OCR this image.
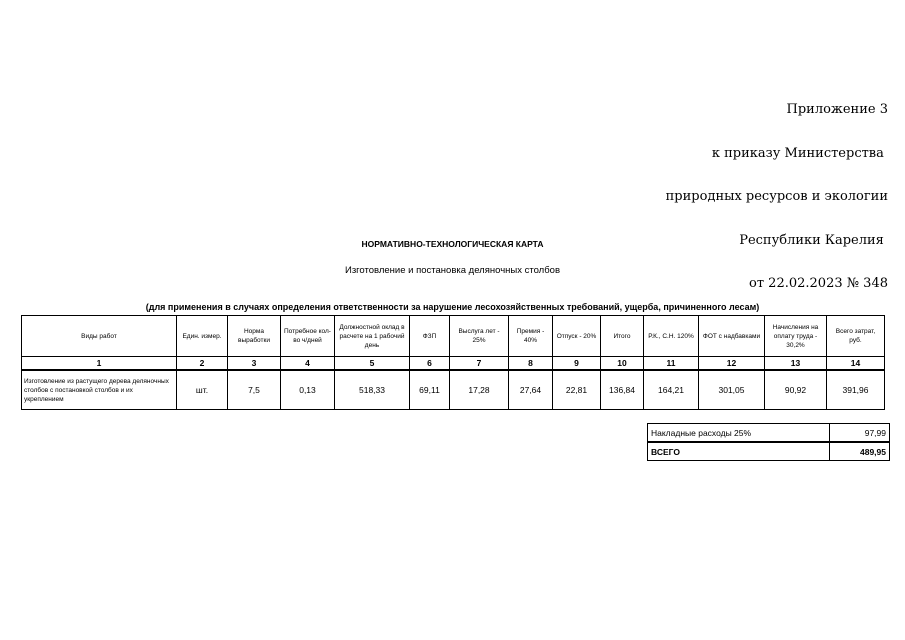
Приложение 3

к приказу Министерства

природных ресурсов и экологии

Республики Карелия

от 22.02.2023 № 348

НОРМАТИВНО-ТЕХНОЛОГИЧЕСКАЯ КАРТА
Изготовление и постановка деляночных столбов
(для применения в случаях определения ответственности за нарушение лесохозяйственных требований, ущерба, причиненного лесам)
Виды работ	Един. измер.	Норма выработки	Потребное кол-во ч/дней	Должностной оклад в расчете на 1 рабочий день	ФЗП	Выслуга лет - 25%	Премия - 40%	Отпуск - 20%	Итого	Р.К., С.Н. 120%	ФОТ с надбавками	Начисления на оплату труда - 30,2%	Всего затрат, руб.
1	2	3	4	5	6	7	8	9	10	11	12	13	14
Изготовление из растущего дерева деляночных столбов с постановкой столбов и их укреплением	шт.	7,5	0,13	518,33	69,11	17,28	27,64	22,81	136,84	164,21	301,05	90,92	391,96
Накладные расходы 25%	97,99
ВСЕГО	489,95
